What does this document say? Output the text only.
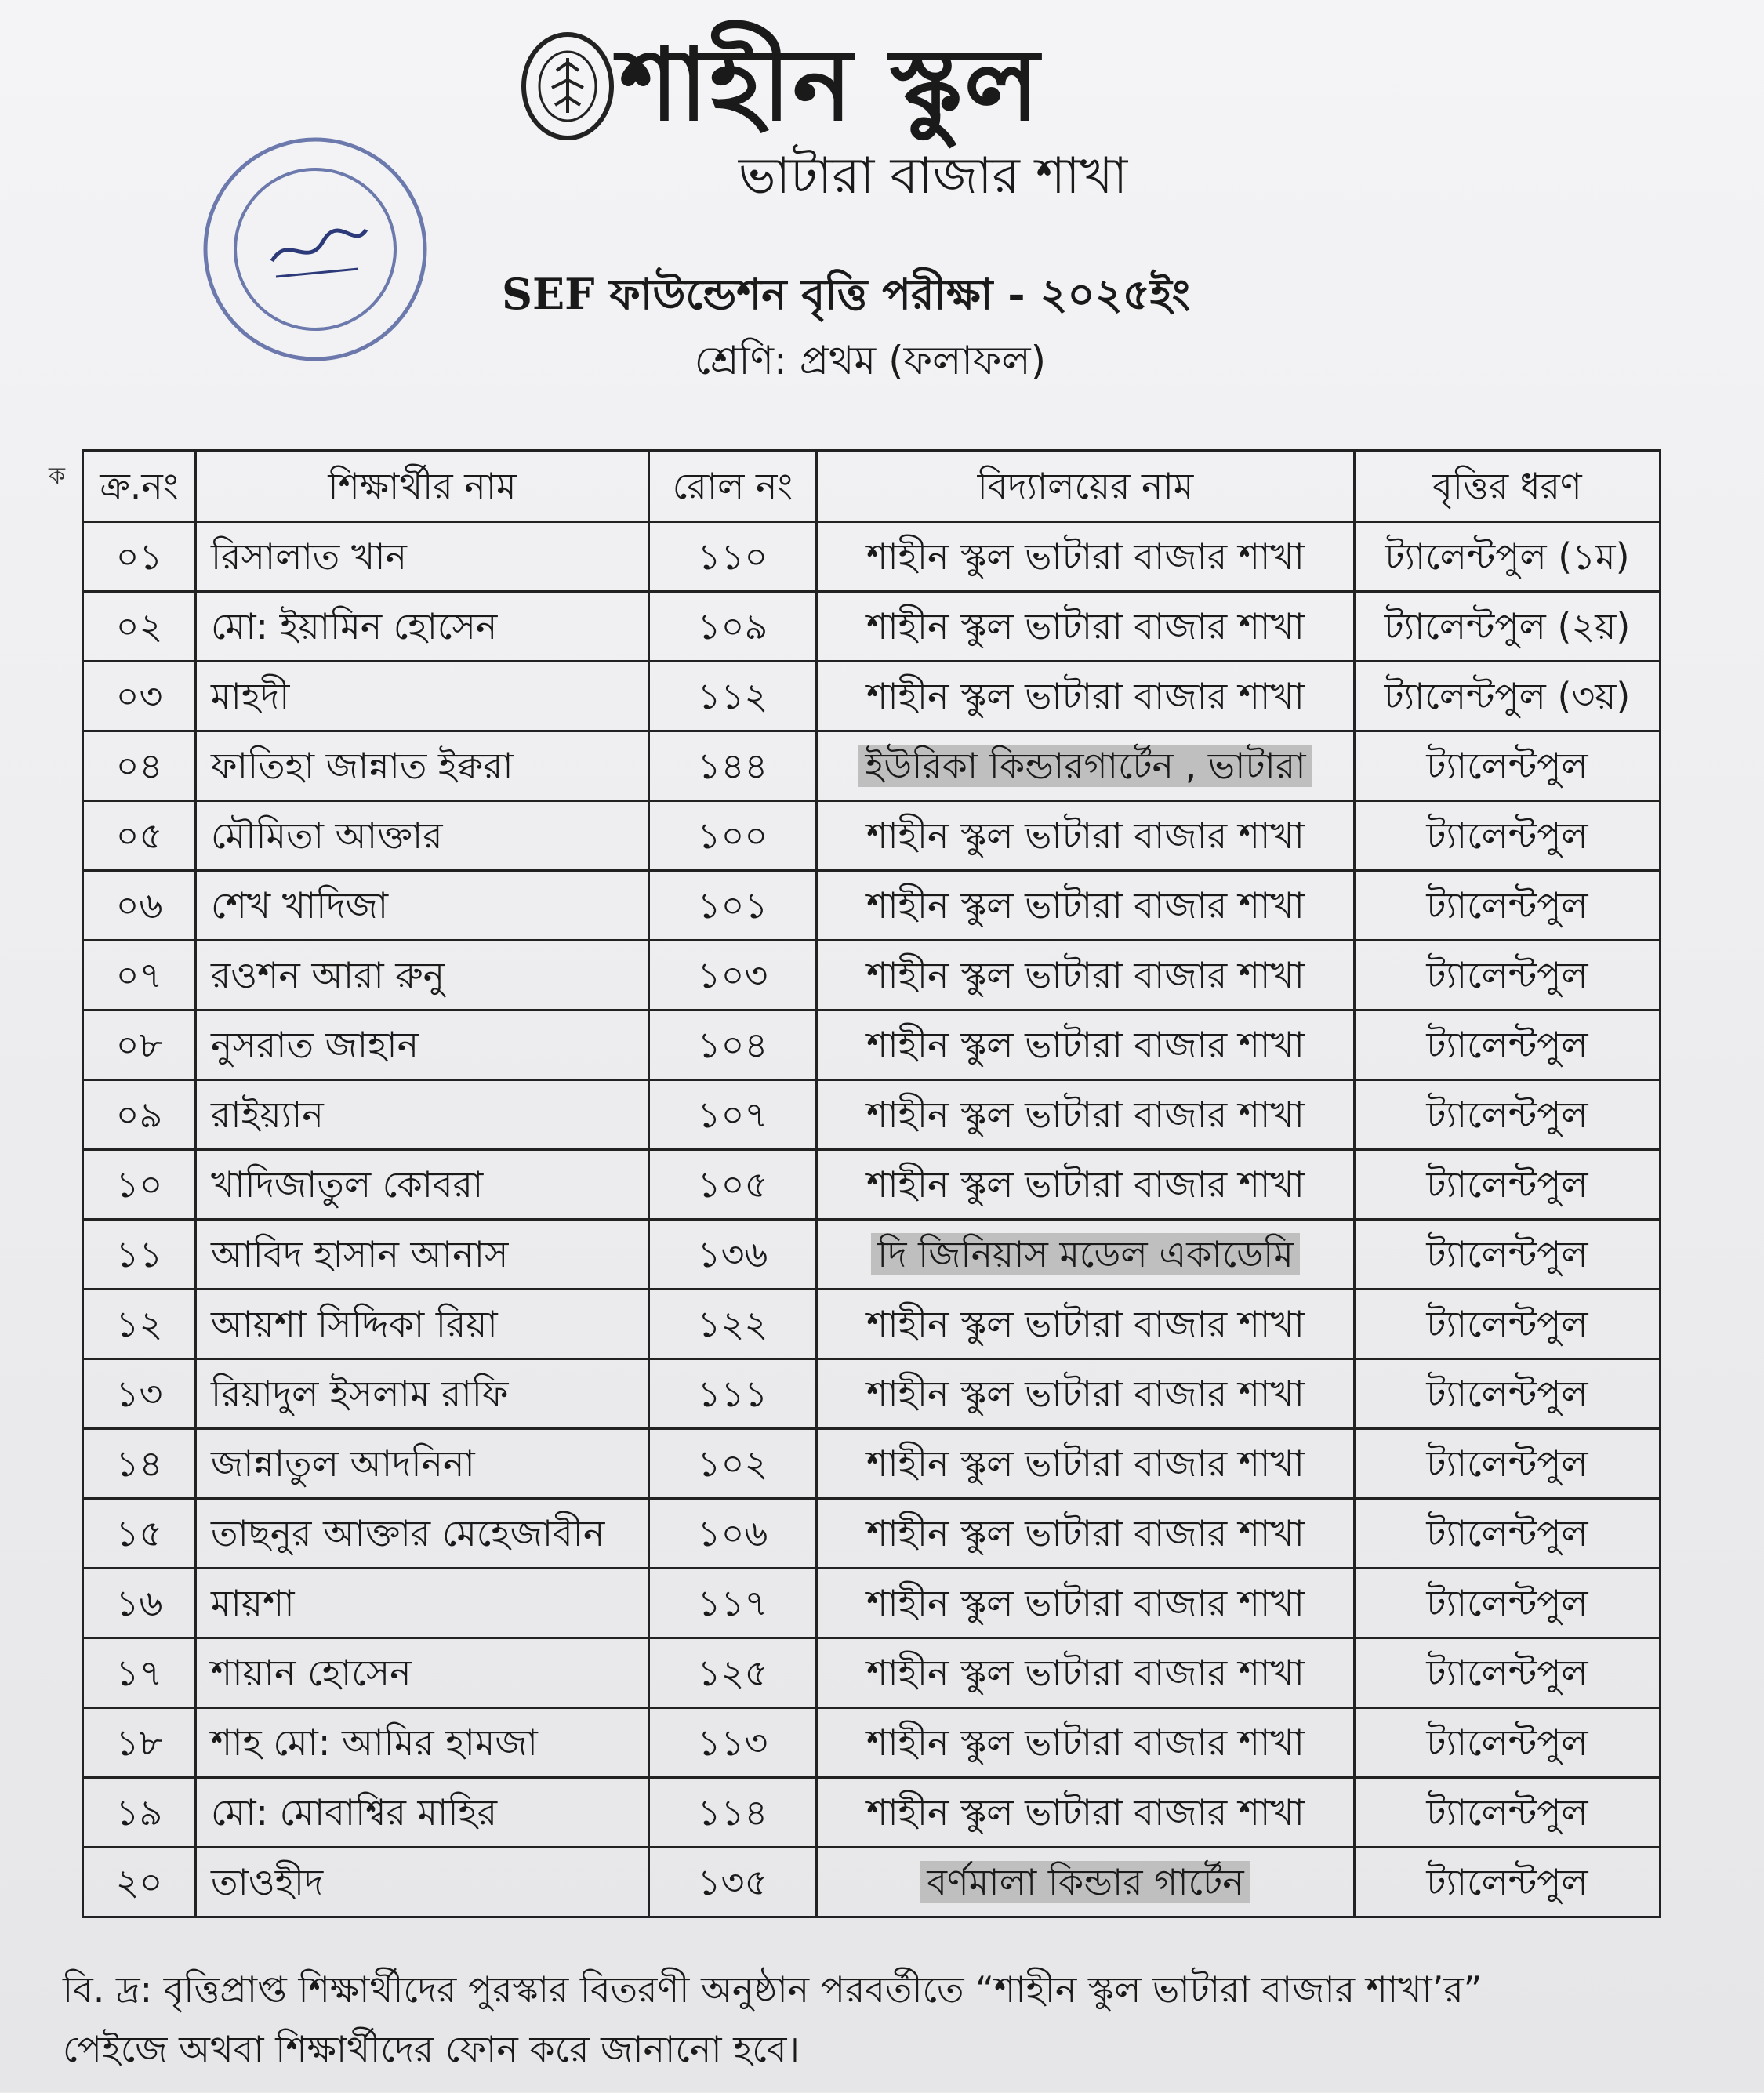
শাহীন স্কুল
ভাটারা বাজার শাখা
SEF ফাউন্ডেশন বৃত্তি পরীক্ষা - ২০২৫ইং
শ্রেণি: প্রথম (ফলাফল)
ক ক্র.নং	শিক্ষার্থীর নাম	রোল নং	বিদ্যালয়ের নাম	বৃত্তির ধরণ
০১	রিসালাত খান	১১০	শাহীন স্কুল ভাটারা বাজার শাখা	ট্যালেন্টপুল (১ম)
০২	মো: ইয়ামিন হোসেন	১০৯	শাহীন স্কুল ভাটারা বাজার শাখা	ট্যালেন্টপুল (২য়)
০৩	মাহদী	১১২	শাহীন স্কুল ভাটারা বাজার শাখা	ট্যালেন্টপুল (৩য়)
০৪	ফাতিহা জান্নাত ইক্বরা	১৪৪	ইউরিকা কিন্ডারগার্টেন , ভাটারা	ট্যালেন্টপুল
০৫	মৌমিতা আক্তার	১০০	শাহীন স্কুল ভাটারা বাজার শাখা	ট্যালেন্টপুল
০৬	শেখ খাদিজা	১০১	শাহীন স্কুল ভাটারা বাজার শাখা	ট্যালেন্টপুল
০৭	রওশন আরা রুনু	১০৩	শাহীন স্কুল ভাটারা বাজার শাখা	ট্যালেন্টপুল
০৮	নুসরাত জাহান	১০৪	শাহীন স্কুল ভাটারা বাজার শাখা	ট্যালেন্টপুল
০৯	রাইয়্যান	১০৭	শাহীন স্কুল ভাটারা বাজার শাখা	ট্যালেন্টপুল
১০	খাদিজাতুল কোবরা	১০৫	শাহীন স্কুল ভাটারা বাজার শাখা	ট্যালেন্টপুল
১১	আবিদ হাসান আনাস	১৩৬	দি জিনিয়াস মডেল একাডেমি	ট্যালেন্টপুল
১২	আয়শা সিদ্দিকা রিয়া	১২২	শাহীন স্কুল ভাটারা বাজার শাখা	ট্যালেন্টপুল
১৩	রিয়াদুল ইসলাম রাফি	১১১	শাহীন স্কুল ভাটারা বাজার শাখা	ট্যালেন্টপুল
১৪	জান্নাতুল আদনিনা	১০২	শাহীন স্কুল ভাটারা বাজার শাখা	ট্যালেন্টপুল
১৫	তাছনুর আক্তার মেহেজাবীন	১০৬	শাহীন স্কুল ভাটারা বাজার শাখা	ট্যালেন্টপুল
১৬	মায়শা	১১৭	শাহীন স্কুল ভাটারা বাজার শাখা	ট্যালেন্টপুল
১৭	শায়ান হোসেন	১২৫	শাহীন স্কুল ভাটারা বাজার শাখা	ট্যালেন্টপুল
১৮	শাহ মো: আমির হামজা	১১৩	শাহীন স্কুল ভাটারা বাজার শাখা	ট্যালেন্টপুল
১৯	মো: মোবাশ্বির মাহির	১১৪	শাহীন স্কুল ভাটারা বাজার শাখা	ট্যালেন্টপুল
২০	তাওহীদ	১৩৫	বর্ণমালা কিন্ডার গার্টেন	ট্যালেন্টপুল

বি. দ্র: বৃত্তিপ্রাপ্ত শিক্ষার্থীদের পুরস্কার বিতরণী অনুষ্ঠান পরবর্তীতে “শাহীন স্কুল ভাটারা বাজার শাখা’র”

পেইজে অথবা শিক্ষার্থীদের ফোন করে জানানো হবে।
